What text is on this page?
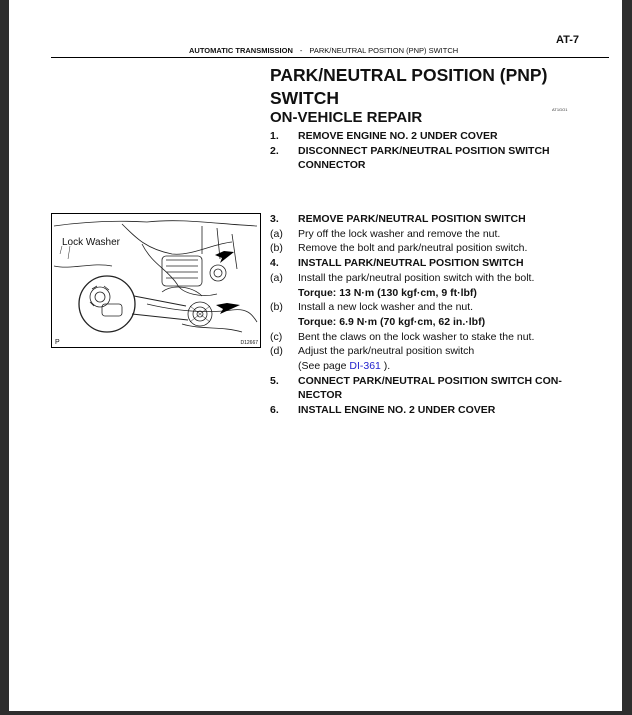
AT-7
AUTOMATIC TRANSMISSION - PARK/NEUTRAL POSITION (PNP) SWITCH
PARK/NEUTRAL POSITION (PNP) SWITCH
ON-VEHICLE REPAIR	AT1GO1
1.	REMOVE ENGINE NO. 2 UNDER COVER
2.	DISCONNECT PARK/NEUTRAL POSITION SWITCH CONNECTOR
Lock Washer
P	D12667
3.	REMOVE PARK/NEUTRAL POSITION SWITCH
(a)	Pry off the lock washer and remove the nut.
(b)	Remove the bolt and park/neutral position switch.
4.	INSTALL PARK/NEUTRAL POSITION SWITCH
(a)	Install the park/neutral position switch with the bolt.
Torque: 13 N·m (130 kgf·cm, 9 ft·lbf)
(b)	Install a new lock washer and the nut.
Torque: 6.9 N·m (70 kgf·cm, 62 in.·lbf)
(c)	Bent the claws on the lock washer to stake the nut.
(d)	Adjust the park/neutral position switch
(See page DI-361 ).
5.	CONNECT PARK/NEUTRAL POSITION SWITCH CON-NECTOR
6.	INSTALL ENGINE NO. 2 UNDER COVER
